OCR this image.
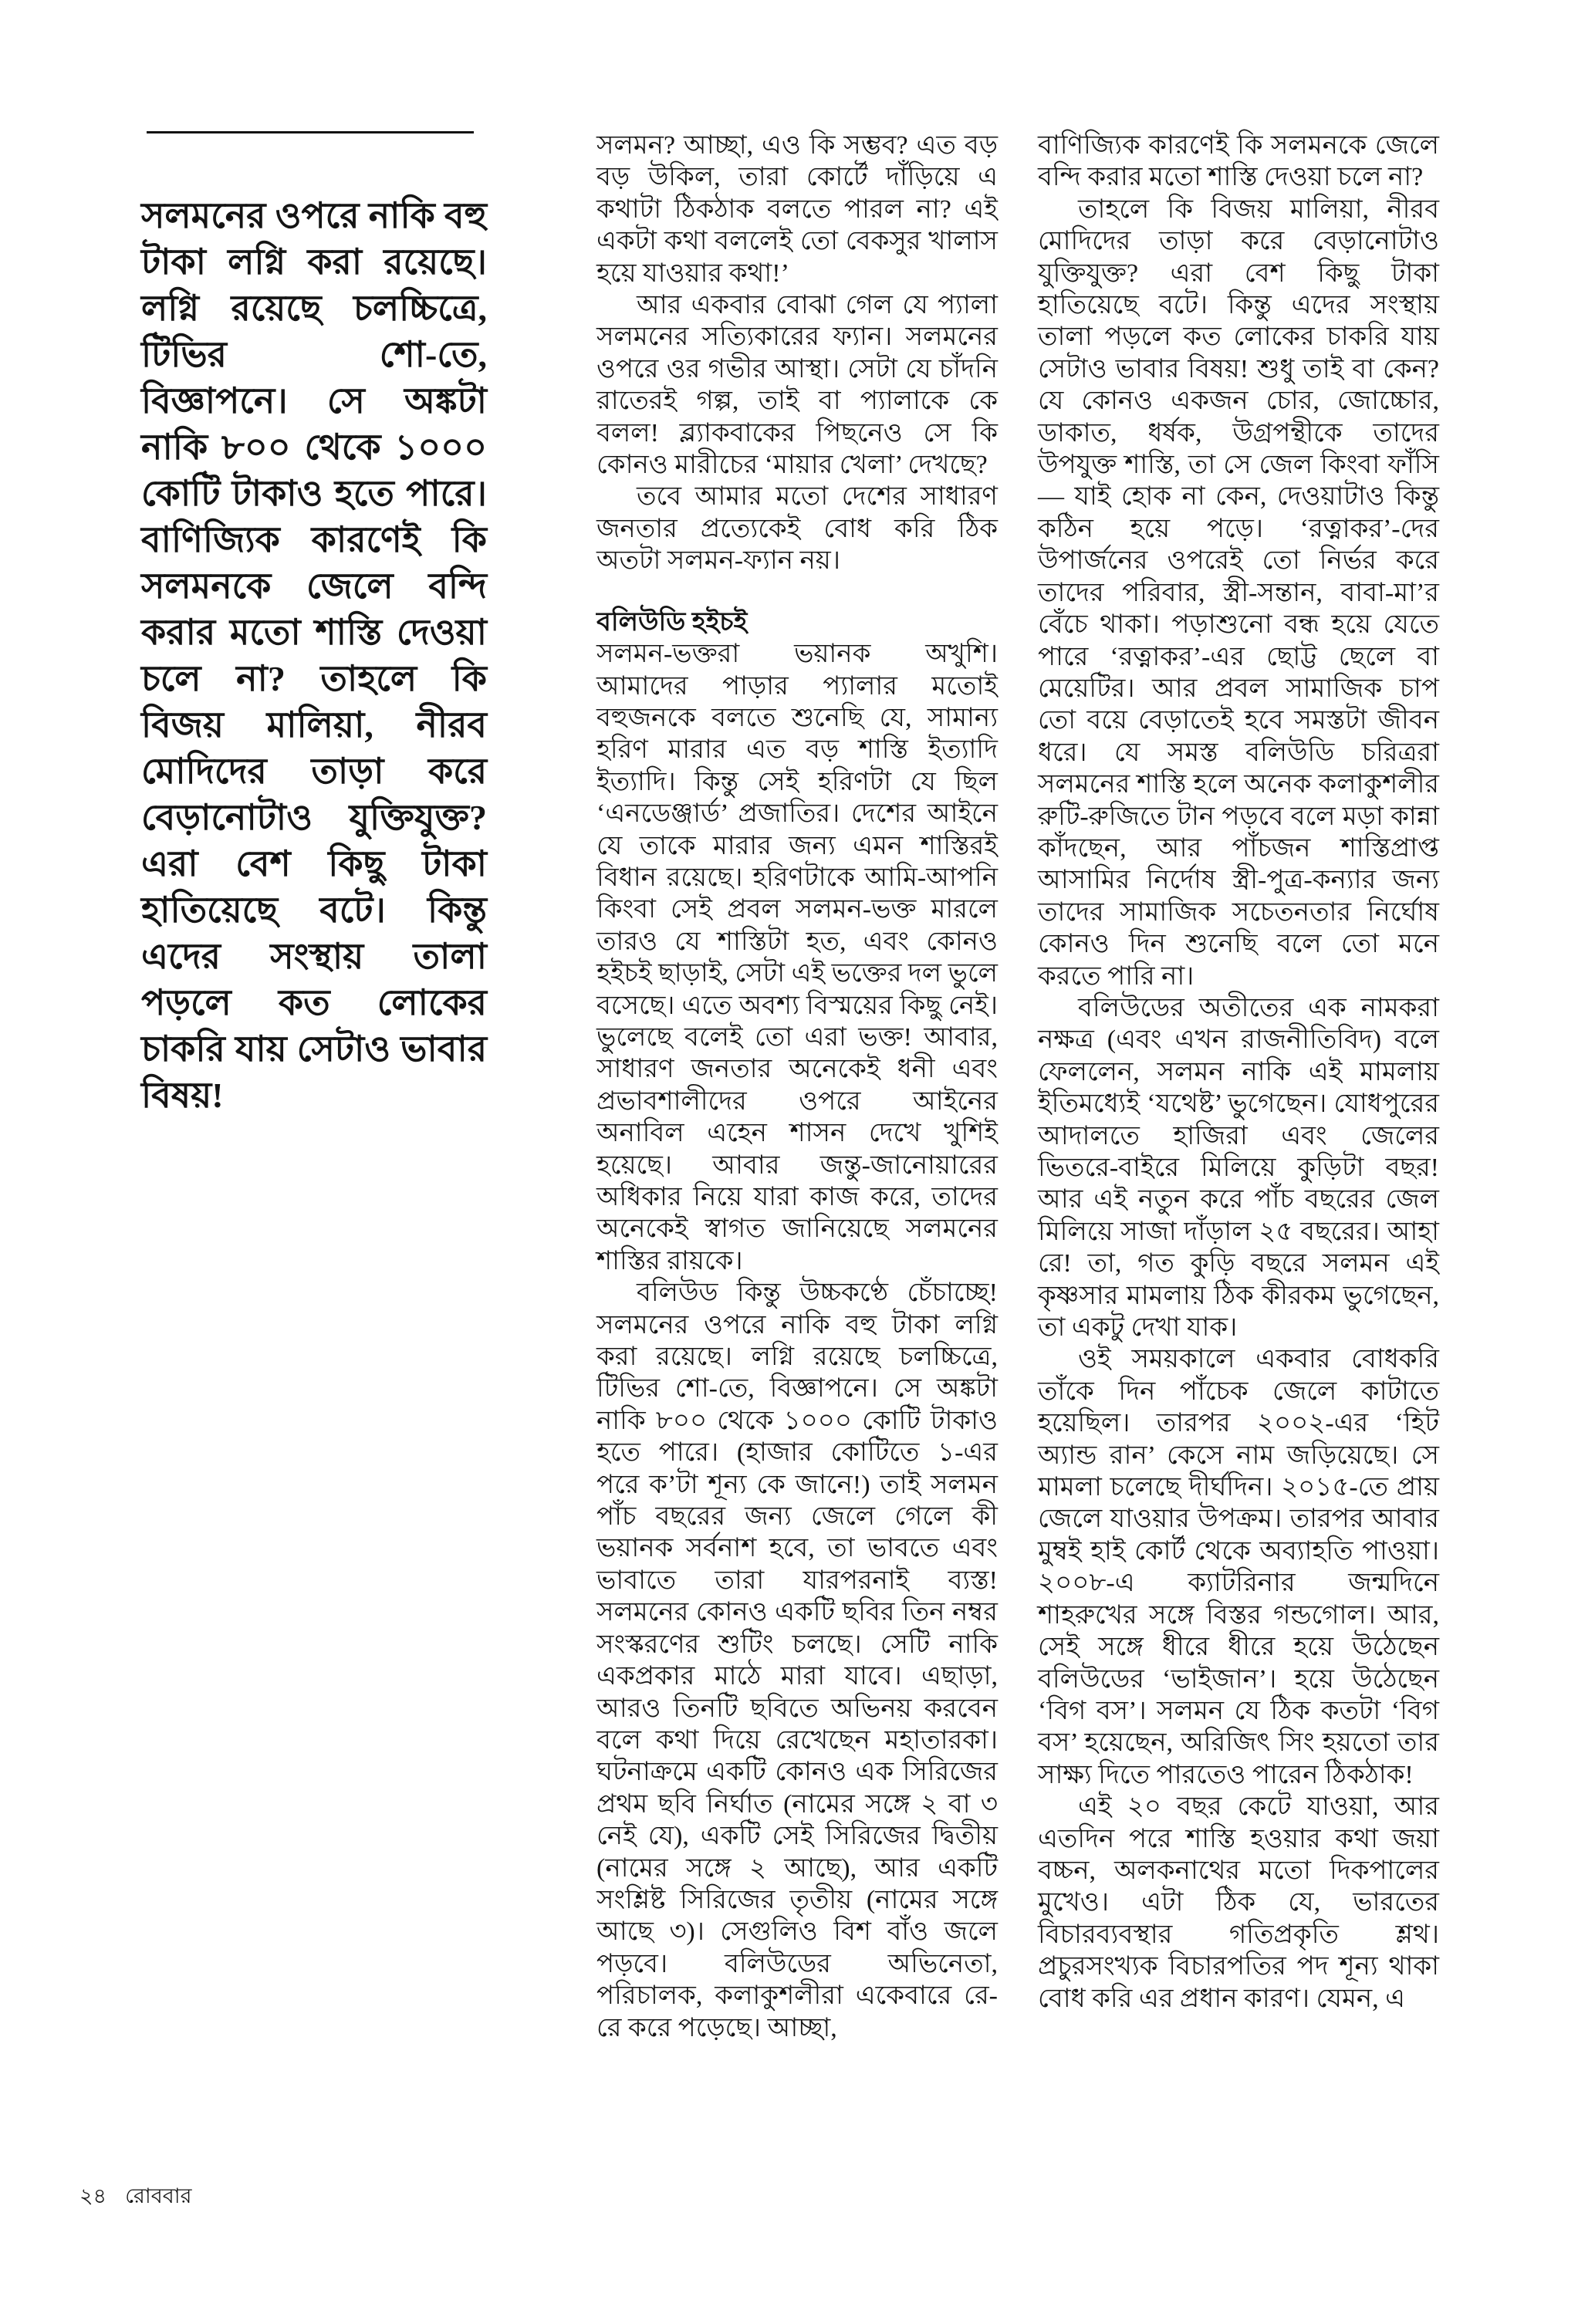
সলমনের ওপরে নাকি বহু টাকা লগ্নি করা রয়েছে। লগ্নি রয়েছে চলচ্চিত্রে, টিভির শো-তে, বিজ্ঞাপনে। সে অঙ্কটা নাকি ৮০০ থেকে ১০০০ কোটি টাকাও হতে পারে। বাণিজ্যিক কারণেই কি সলমনকে জেলে বন্দি করার মতো শাস্তি দেওয়া চলে না? তাহলে কি বিজয় মালিয়া, নীরব মোদিদের তাড়া করে বেড়ানোটাও যুক্তিযুক্ত? এরা বেশ কিছু টাকা হাতিয়েছে বটে। কিন্তু এদের সংস্থায় তালা পড়লে কত লোকের চাকরি যায় সেটাও ভাবার বিষয়!

সলমন? আচ্ছা, এও কি সম্ভব? এত বড় বড় উকিল, তারা কোর্টে দাঁড়িয়ে এ কথাটা ঠিকঠাক বলতে পারল না? এই একটা কথা বললেই তো বেকসুর খালাস হয়ে যাওয়ার কথা!’

আর একবার বোঝা গেল যে প্যালা সলমনের সত্যিকারের ফ্যান। সলমনের ওপরে ওর গভীর আস্থা। সেটা যে চাঁদনি রাতেরই গল্প, তাই বা প্যালাকে কে বলল! ব্ল্যাকবাকের পিছনেও সে কি কোনও মারীচের ‘মায়ার খেলা’ দেখছে?

তবে আমার মতো দেশের সাধারণ জনতার প্রত্যেকেই বোধ করি ঠিক অতটা সলমন-ফ্যান নয়।

বলিউডি হইচই

সলমন-ভক্তরা ভয়ানক অখুশি। আমাদের পাড়ার প্যালার মতোই বহুজনকে বলতে শুনেছি যে, সামান্য হরিণ মারার এত বড় শাস্তি ইত্যাদি ইত্যাদি। কিন্তু সেই হরিণটা যে ছিল ‘এনডেঞ্জার্ড’ প্রজাতির। দেশের আইনে যে তাকে মারার জন্য এমন শাস্তিরই বিধান রয়েছে। হরিণটাকে আমি-আপনি কিংবা সেই প্রবল সলমন-ভক্ত মারলে তারও যে শাস্তিটা হত, এবং কোনও হইচই ছাড়াই, সেটা এই ভক্তের দল ভুলে বসেছে। এতে অবশ্য বিস্ময়ের কিছু নেই। ভুলেছে বলেই তো এরা ভক্ত! আবার, সাধারণ জনতার অনেকেই ধনী এবং প্রভাবশালীদের ওপরে আইনের অনাবিল এহেন শাসন দেখে খুশিই হয়েছে। আবার জন্তু-জানোয়ারের অধিকার নিয়ে যারা কাজ করে, তাদের অনেকেই স্বাগত জানিয়েছে সলমনের শাস্তির রায়কে।

বলিউড কিন্তু উচ্চকণ্ঠে চেঁচাচ্ছে! সলমনের ওপরে নাকি বহু টাকা লগ্নি করা রয়েছে। লগ্নি রয়েছে চলচ্চিত্রে, টিভির শো-তে, বিজ্ঞাপনে। সে অঙ্কটা নাকি ৮০০ থেকে ১০০০ কোটি টাকাও হতে পারে। (হাজার কোটিতে ১-এর পরে ক’টা শূন্য কে জানে!) তাই সলমন পাঁচ বছরের জন্য জেলে গেলে কী ভয়ানক সর্বনাশ হবে, তা ভাবতে এবং ভাবাতে তারা যারপরনাই ব্যস্ত! সলমনের কোনও একটি ছবির তিন নম্বর সংস্করণের শুটিং চলছে। সেটি নাকি একপ্রকার মাঠে মারা যাবে। এছাড়া, আরও তিনটি ছবিতে অভিনয় করবেন বলে কথা দিয়ে রেখেছেন মহাতারকা। ঘটনাক্রমে একটি কোনও এক সিরিজের প্রথম ছবি নির্ঘাত (নামের সঙ্গে ২ বা ৩ নেই যে), একটি সেই সিরিজের দ্বিতীয় (নামের সঙ্গে ২ আছে), আর একটি সংশ্লিষ্ট সিরিজের তৃতীয় (নামের সঙ্গে আছে ৩)। সেগুলিও বিশ বাঁও জলে পড়বে। বলিউডের অভিনেতা, পরিচালক, কলাকুশলীরা একেবারে রে-রে করে পড়েছে। আচ্ছা,

বাণিজ্যিক কারণেই কি সলমনকে জেলে বন্দি করার মতো শাস্তি দেওয়া চলে না?

তাহলে কি বিজয় মালিয়া, নীরব মোদিদের তাড়া করে বেড়ানোটাও যুক্তিযুক্ত? এরা বেশ কিছু টাকা হাতিয়েছে বটে। কিন্তু এদের সংস্থায় তালা পড়লে কত লোকের চাকরি যায় সেটাও ভাবার বিষয়! শুধু তাই বা কেন? যে কোনও একজন চোর, জোচ্চোর, ডাকাত, ধর্ষক, উগ্রপন্থীকে তাদের উপযুক্ত শাস্তি, তা সে জেল কিংবা ফাঁসি— যাই হোক না কেন, দেওয়াটাও কিন্তু কঠিন হয়ে পড়ে। ‘রত্নাকর’-দের উপার্জনের ওপরেই তো নির্ভর করে তাদের পরিবার, স্ত্রী-সন্তান, বাবা-মা’র বেঁচে থাকা। পড়াশুনো বন্ধ হয়ে যেতে পারে ‘রত্নাকর’-এর ছোট্ট ছেলে বা মেয়েটির। আর প্রবল সামাজিক চাপ তো বয়ে বেড়াতেই হবে সমস্তটা জীবন ধরে। যে সমস্ত বলিউডি চরিত্ররা সলমনের শাস্তি হলে অনেক কলাকুশলীর রুটি-রুজিতে টান পড়বে বলে মড়া কান্না কাঁদছেন, আর পাঁচজন শাস্তিপ্রাপ্ত আসামির নির্দোষ স্ত্রী-পুত্র-কন্যার জন্য তাদের সামাজিক সচেতনতার নির্ঘোষ কোনও দিন শুনেছি বলে তো মনে করতে পারি না।

বলিউডের অতীতের এক নামকরা নক্ষত্র (এবং এখন রাজনীতিবিদ) বলে ফেললেন, সলমন নাকি এই মামলায় ইতিমধ্যেই ‘যথেষ্ট’ ভুগেছেন। যোধপুরের আদালতে হাজিরা এবং জেলের ভিতরে-বাইরে মিলিয়ে কুড়িটা বছর! আর এই নতুন করে পাঁচ বছরের জেল মিলিয়ে সাজা দাঁড়াল ২৫ বছরের। আহা রে! তা, গত কুড়ি বছরে সলমন এই কৃষ্ণসার মামলায় ঠিক কীরকম ভুগেছেন, তা একটু দেখা যাক।

ওই সময়কালে একবার বোধকরি তাঁকে দিন পাঁচেক জেলে কাটাতে হয়েছিল। তারপর ২০০২-এর ‘হিট অ্যান্ড রান’ কেসে নাম জড়িয়েছে। সে মামলা চলেছে দীর্ঘদিন। ২০১৫-তে প্রায় জেলে যাওয়ার উপক্রম। তারপর আবার মুম্বই হাই কোর্ট থেকে অব্যাহতি পাওয়া। ২০০৮-এ ক্যাটরিনার জন্মদিনে শাহরুখের সঙ্গে বিস্তর গন্ডগোল। আর, সেই সঙ্গে ধীরে ধীরে হয়ে উঠেছেন বলিউডের ‘ভাইজান’। হয়ে উঠেছেন ‘বিগ বস’। সলমন যে ঠিক কতটা ‘বিগ বস’ হয়েছেন, অরিজিৎ সিং হয়তো তার সাক্ষ্য দিতে পারতেও পারেন ঠিকঠাক!

এই ২০ বছর কেটে যাওয়া, আর এতদিন পরে শাস্তি হওয়ার কথা জয়া বচ্চন, অলকনাথের মতো দিকপালের মুখেও। এটা ঠিক যে, ভারতের বিচারব্যবস্থার গতিপ্রকৃতি শ্লথ। প্রচুরসংখ্যক বিচারপতির পদ শূন্য থাকা বোধ করি এর প্রধান কারণ। যেমন, এ

২৪ রোববার
